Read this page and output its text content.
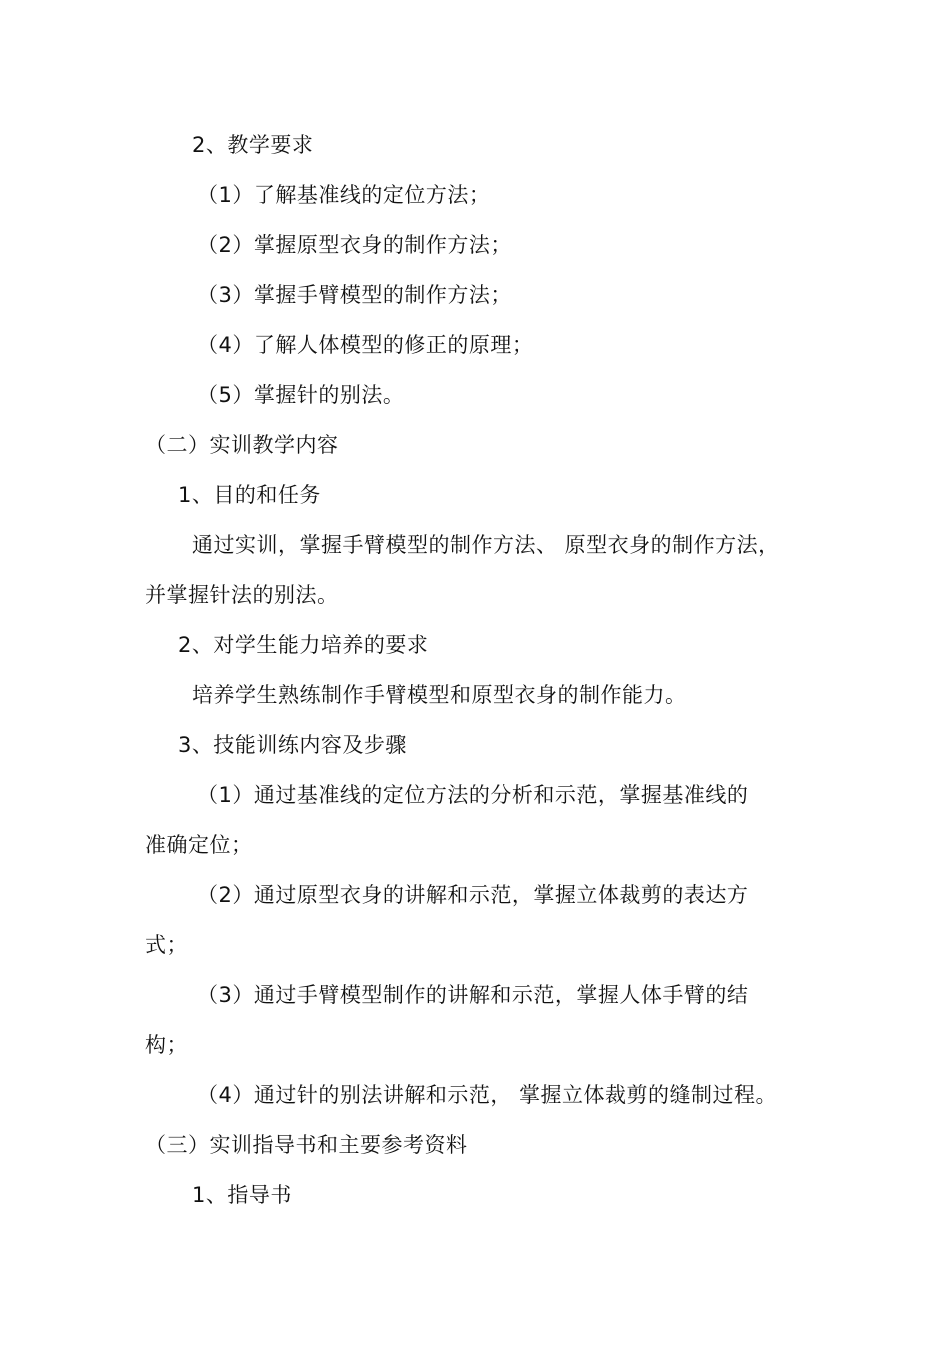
2、教学要求
（1）了解基准线的定位方法；
（2）掌握原型衣身的制作方法；
（3）掌握手臂模型的制作方法；
（4）了解人体模型的修正的原理；
（5）掌握针的别法。
（二）实训教学内容
1、目的和任务
通过实训，掌握手臂模型的制作方法、 原型衣身的制作方法，
并掌握针法的别法。
2、对学生能力培养的要求
培养学生熟练制作手臂模型和原型衣身的制作能力。
3、技能训练内容及步骤
（1）通过基准线的定位方法的分析和示范，掌握基准线的
准确定位；
（2）通过原型衣身的讲解和示范，掌握立体裁剪的表达方
式；
（3）通过手臂模型制作的讲解和示范，掌握人体手臂的结
构；
（4）通过针的别法讲解和示范， 掌握立体裁剪的缝制过程。
（三）实训指导书和主要参考资料
1、指导书
